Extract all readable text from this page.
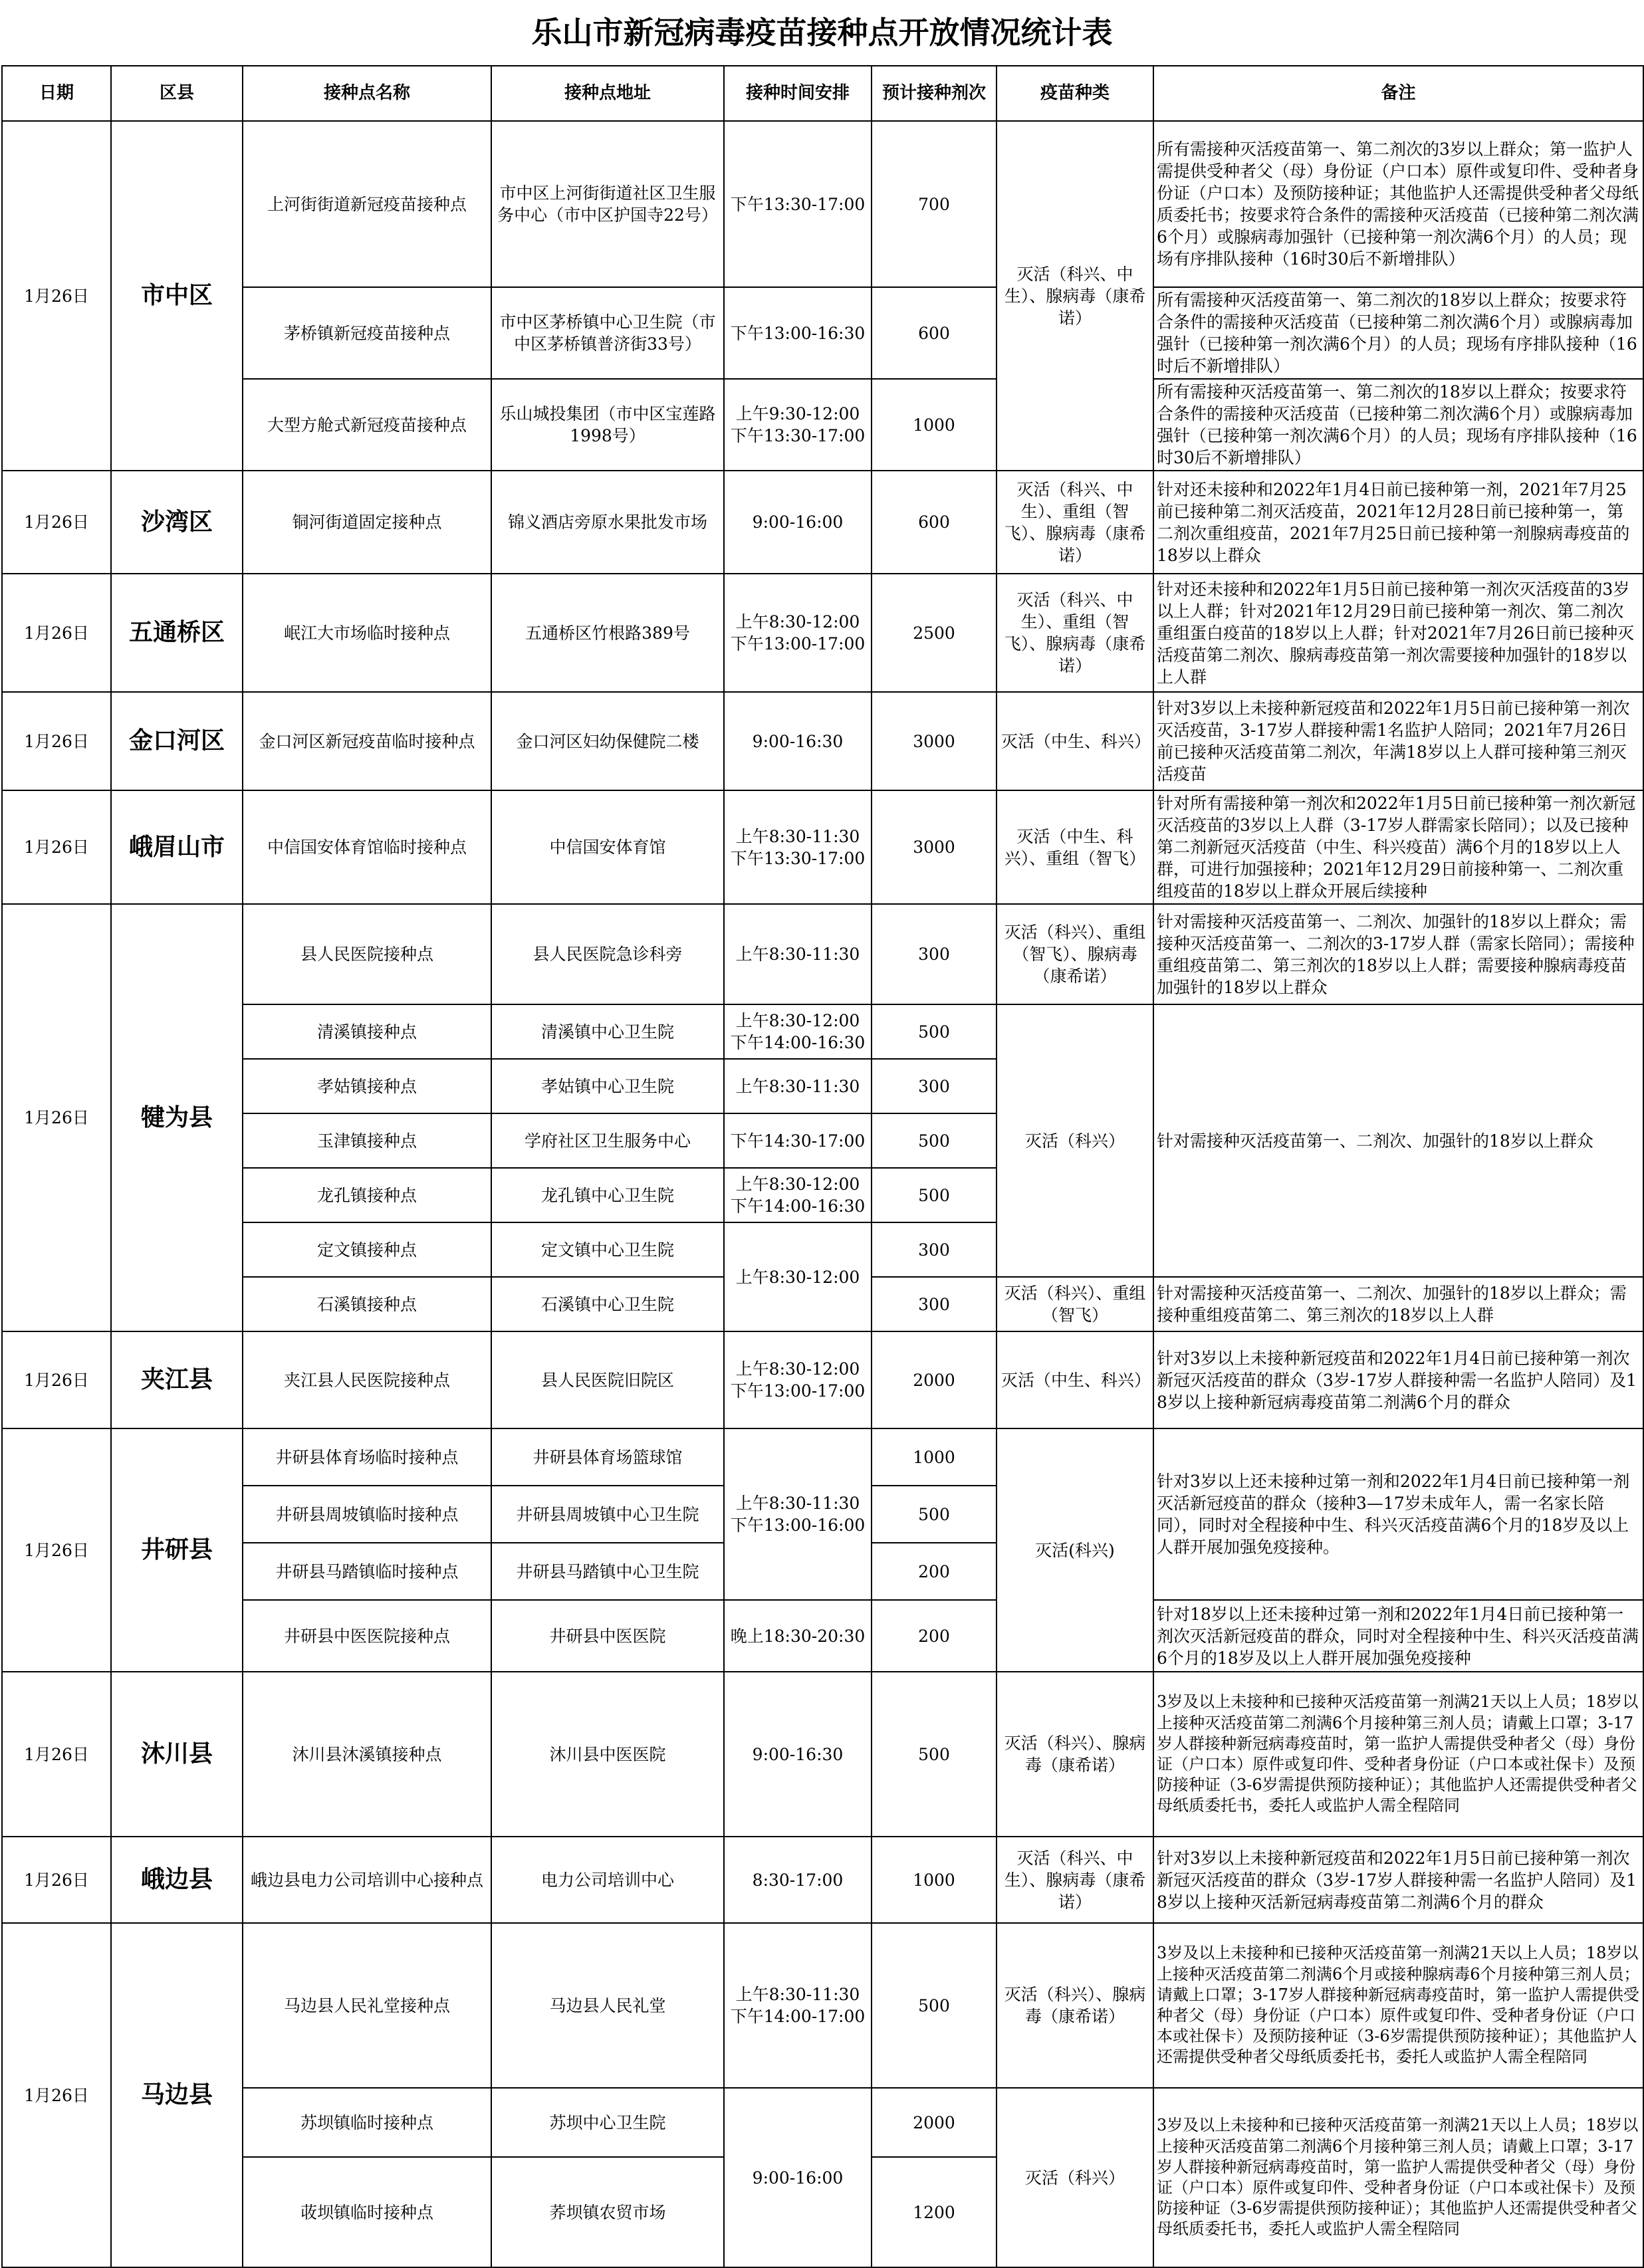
乐山市新冠病毒疫苗接种点开放情况统计表
日期	区县	接种点名称	接种点地址	接种时间安排	预计接种剂次	疫苗种类	备注
1月26日	市中区	上河街街道新冠疫苗接种点	市中区上河街街道社区卫生服务中心（市中区护国寺22号）	下午13:30-17:00	700	灭活（科兴、中生）、腺病毒（康希诺）	所有需接种灭活疫苗第一、第二剂次的3岁以上群众；第一监护人需提供受种者父（母）身份证（户口本）原件或复印件、受种者身份证（户口本）及预防接种证；其他监护人还需提供受种者父母纸质委托书；按要求符合条件的需接种灭活疫苗（已接种第二剂次满6个月）或腺病毒加强针（已接种第一剂次满6个月）的人员；现场有序排队接种（16时30后不新增排队）
		茅桥镇新冠疫苗接种点	市中区茅桥镇中心卫生院（市中区茅桥镇普济街33号）	下午13:00-16:30	600		所有需接种灭活疫苗第一、第二剂次的18岁以上群众；按要求符合条件的需接种灭活疫苗（已接种第二剂次满6个月）或腺病毒加强针（已接种第一剂次满6个月）的人员；现场有序排队接种（16时后不新增排队）
		大型方舱式新冠疫苗接种点	乐山城投集团（市中区宝莲路1998号）	上午9:30-12:00
下午13:30-17:00	1000		所有需接种灭活疫苗第一、第二剂次的18岁以上群众；按要求符合条件的需接种灭活疫苗（已接种第二剂次满6个月）或腺病毒加强针（已接种第一剂次满6个月）的人员；现场有序排队接种（16时30后不新增排队）
1月26日	沙湾区	铜河街道固定接种点	锦义酒店旁原水果批发市场	9:00-16:00	600	灭活（科兴、中生）、重组（智飞）、腺病毒（康希诺）	针对还未接种和2022年1月4日前已接种第一剂，2021年7月25前已接种第二剂灭活疫苗，2021年12月28日前已接种第一，第二剂次重组疫苗，2021年7月25日前已接种第一剂腺病毒疫苗的18岁以上群众
1月26日	五通桥区	岷江大市场临时接种点	五通桥区竹根路389号	上午8:30-12:00
下午13:00-17:00	2500	灭活（科兴、中生）、重组（智飞）、腺病毒（康希诺）	针对还未接种和2022年1月5日前已接种第一剂次灭活疫苗的3岁以上人群；针对2021年12月29日前已接种第一剂次、第二剂次重组蛋白疫苗的18岁以上人群；针对2021年7月26日前已接种灭活疫苗第二剂次、腺病毒疫苗第一剂次需要接种加强针的18岁以上人群
1月26日	金口河区	金口河区新冠疫苗临时接种点	金口河区妇幼保健院二楼	9:00-16:30	3000	灭活（中生、科兴）	针对3岁以上未接种新冠疫苗和2022年1月5日前已接种第一剂次灭活疫苗，3-17岁人群接种需1名监护人陪同；2021年7月26日前已接种灭活疫苗第二剂次，年满18岁以上人群可接种第三剂灭活疫苗
1月26日	峨眉山市	中信国安体育馆临时接种点	中信国安体育馆	上午8:30-11:30
下午13:30-17:00	3000	灭活（中生、科兴）、重组（智飞）	针对所有需接种第一剂次和2022年1月5日前已接种第一剂次新冠灭活疫苗的3岁以上人群（3-17岁人群需家长陪同）；以及已接种第二剂新冠灭活疫苗（中生、科兴疫苗）满6个月的18岁以上人群，可进行加强接种；2021年12月29日前接种第一、二剂次重组疫苗的18岁以上群众开展后续接种
1月26日	犍为县	县人民医院接种点	县人民医院急诊科旁	上午8:30-11:30	300	灭活（科兴）、重组（智飞）、腺病毒（康希诺）	针对需接种灭活疫苗第一、二剂次、加强针的18岁以上群众；需接种灭活疫苗第一、二剂次的3-17岁人群（需家长陪同）；需接种重组疫苗第二、第三剂次的18岁以上人群；需要接种腺病毒疫苗加强针的18岁以上群众
		清溪镇接种点	清溪镇中心卫生院	上午8:30-12:00
下午14:00-16:30	500	灭活（科兴）	针对需接种灭活疫苗第一、二剂次、加强针的18岁以上群众
		孝姑镇接种点	孝姑镇中心卫生院	上午8:30-11:30	300		
		玉津镇接种点	学府社区卫生服务中心	下午14:30-17:00	500		
		龙孔镇接种点	龙孔镇中心卫生院	上午8:30-12:00
下午14:00-16:30	500		
		定文镇接种点	定文镇中心卫生院	上午8:30-12:00	300		
		石溪镇接种点	石溪镇中心卫生院		300	灭活（科兴）、重组（智飞）	针对需接种灭活疫苗第一、二剂次、加强针的18岁以上群众；需接种重组疫苗第二、第三剂次的18岁以上人群
1月26日	夹江县	夹江县人民医院接种点	县人民医院旧院区	上午8:30-12:00
下午13:00-17:00	2000	灭活（中生、科兴）	针对3岁以上未接种新冠疫苗和2022年1月4日前已接种第一剂次新冠灭活疫苗的群众（3岁-17岁人群接种需一名监护人陪同）及18岁以上接种新冠病毒疫苗第二剂满6个月的群众
1月26日	井研县	井研县体育场临时接种点	井研县体育场篮球馆	上午8:30-11:30
下午13:00-16:00	1000	灭活(科兴)	针对3岁以上还未接种过第一剂和2022年1月4日前已接种第一剂灭活新冠疫苗的群众（接种3—17岁未成年人，需一名家长陪同），同时对全程接种中生、科兴灭活疫苗满6个月的18岁及以上人群开展加强免疫接种。
		井研县周坡镇临时接种点	井研县周坡镇中心卫生院		500		
		井研县马踏镇临时接种点	井研县马踏镇中心卫生院		200		
		井研县中医医院接种点	井研县中医医院	晚上18:30-20:30	200		针对18岁以上还未接种过第一剂和2022年1月4日前已接种第一剂次灭活新冠疫苗的群众，同时对全程接种中生、科兴灭活疫苗满6个月的18岁及以上人群开展加强免疫接种
1月26日	沐川县	沐川县沐溪镇接种点	沐川县中医医院	9:00-16:30	500	灭活（科兴）、腺病毒（康希诺）	3岁及以上未接种和已接种灭活疫苗第一剂满21天以上人员；18岁以上接种灭活疫苗第二剂满6个月接种第三剂人员；请戴上口罩；3-17岁人群接种新冠病毒疫苗时，第一监护人需提供受种者父（母）身份证（户口本）原件或复印件、受种者身份证（户口本或社保卡）及预防接种证（3-6岁需提供预防接种证）；其他监护人还需提供受种者父母纸质委托书，委托人或监护人需全程陪同
1月26日	峨边县	峨边县电力公司培训中心接种点	电力公司培训中心	8:30-17:00	1000	灭活（科兴、中生）、腺病毒（康希诺）	针对3岁以上未接种新冠疫苗和2022年1月5日前已接种第一剂次新冠灭活疫苗的群众（3岁-17岁人群接种需一名监护人陪同）及18岁以上接种灭活新冠病毒疫苗第二剂满6个月的群众
1月26日	马边县	马边县人民礼堂接种点	马边县人民礼堂	上午8:30-11:30
下午14:00-17:00	500	灭活（科兴）、腺病毒（康希诺）	3岁及以上未接种和已接种灭活疫苗第一剂满21天以上人员；18岁以上接种灭活疫苗第二剂满6个月或接种腺病毒6个月接种第三剂人员；请戴上口罩；3-17岁人群接种新冠病毒疫苗时，第一监护人需提供受种者父（母）身份证（户口本）原件或复印件、受种者身份证（户口本或社保卡）及预防接种证（3-6岁需提供预防接种证）；其他监护人还需提供受种者父母纸质委托书，委托人或监护人需全程陪同
		苏坝镇临时接种点	苏坝中心卫生院	9:00-16:00	2000	灭活（科兴）	3岁及以上未接种和已接种灭活疫苗第一剂满21天以上人员；18岁以上接种灭活疫苗第二剂满6个月接种第三剂人员；请戴上口罩；3-17岁人群接种新冠病毒疫苗时，第一监护人需提供受种者父（母）身份证（户口本）原件或复印件、受种者身份证（户口本或社保卡）及预防接种证（3-6岁需提供预防接种证）；其他监护人还需提供受种者父母纸质委托书，委托人或监护人需全程陪同
		荍坝镇临时接种点	荞坝镇农贸市场		1200		
